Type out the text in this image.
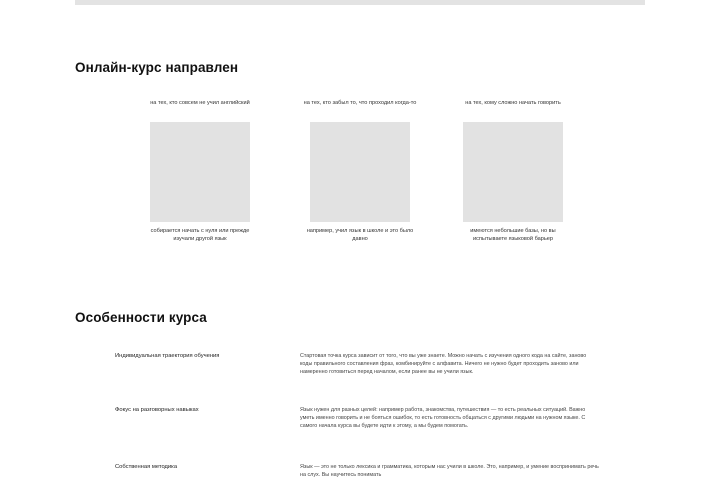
Онлайн-курс направлен
на тех, кто совсем не учил английский
собирается начать с нуля или прежде изучали другой язык
на тех, кто забыл то, что проходил когда-то
например, учил язык в школе и это было давно
на тех, кому сложно начать говорить
имеются небольшие базы, но вы испытываете языковой барьер
Особенности курса
Индивидуальная траектория обучения	Стартовая точка курса зависит от того, что вы уже знаете. Можно начать с изучения одного кода на сайте, заново коды правильного составления фраз, комбинируйте с алфавита. Ничего не нужно будет проходить заново или намеренно готовиться перед началом, если ранее вы не учили язык.
Фокус на разговорных навыках	Язык нужен для разных целей: например работа, знакомства, путешествия — то есть реальных ситуаций. Важно уметь именно говорить и не бояться ошибок, то есть готовность общаться с другими людьми на нужном языке. С самого начала курса вы будете идти к этому, а мы будем помогать.
Собственная методика	Язык — это не только лексика и грамматика, которым нас учили в школе. Это, например, и умение воспринимать речь на слух. Вы научитесь понимать
